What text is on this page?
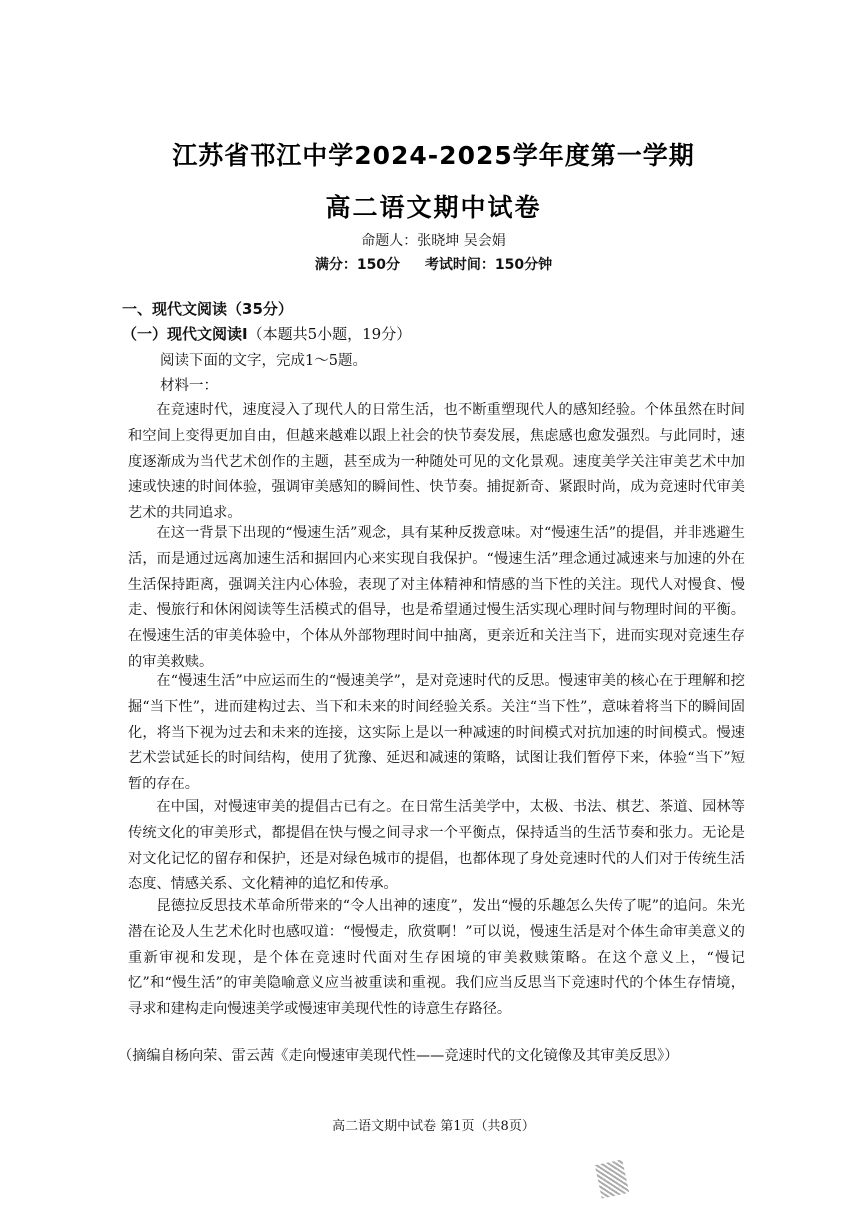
江苏省邗江中学2024-2025学年度第一学期
高二语文期中试卷
命题人：张晓坤 吴会娟
满分：150分 考试时间：150分钟
一、现代文阅读（35分）
（一）现代文阅读Ⅰ（本题共5小题，19分）
阅读下面的文字，完成1～5题。
材料一：

在竞速时代，速度浸入了现代人的日常生活，也不断重塑现代人的感知经验。个体虽然在时间和空间上变得更加自由，但越来越难以跟上社会的快节奏发展，焦虑感也愈发强烈。与此同时，速度逐渐成为当代艺术创作的主题，甚至成为一种随处可见的文化景观。速度美学关注审美艺术中加速或快速的时间体验，强调审美感知的瞬间性、快节奏。捕捉新奇、紧跟时尚，成为竞速时代审美艺术的共同追求。

在这一背景下出现的“慢速生活”观念，具有某种反拨意味。对“慢速生活”的提倡，并非逃避生活，而是通过远离加速生活和据回内心来实现自我保护。“慢速生活”理念通过减速来与加速的外在生活保持距离，强调关注内心体验，表现了对主体精神和情感的当下性的关注。现代人对慢食、慢走、慢旅行和休闲阅读等生活模式的倡导，也是希望通过慢生活实现心理时间与物理时间的平衡。在慢速生活的审美体验中，个体从外部物理时间中抽离，更亲近和关注当下，进而实现对竞速生存的审美救赎。

在“慢速生活”中应运而生的“慢速美学”，是对竞速时代的反思。慢速审美的核心在于理解和挖掘“当下性”，进而建构过去、当下和未来的时间经验关系。关注“当下性”，意味着将当下的瞬间固化，将当下视为过去和未来的连接，这实际上是以一种减速的时间模式对抗加速的时间模式。慢速艺术尝试延长的时间结构，使用了犹豫、延迟和减速的策略，试图让我们暂停下来，体验“当下”短暂的存在。

在中国，对慢速审美的提倡古已有之。在日常生活美学中，太极、书法、棋艺、茶道、园林等传统文化的审美形式，都提倡在快与慢之间寻求一个平衡点，保持适当的生活节奏和张力。无论是对文化记忆的留存和保护，还是对绿色城市的提倡，也都体现了身处竞速时代的人们对于传统生活态度、情感关系、文化精神的追忆和传承。

昆德拉反思技术革命所带来的“令人出神的速度”，发出“慢的乐趣怎么失传了呢”的追问。朱光潜在论及人生艺术化时也感叹道：“慢慢走，欣赏啊！”可以说，慢速生活是对个体生命审美意义的重新审视和发现，是个体在竞速时代面对生存困境的审美救赎策略。在这个意义上，“慢记忆”和“慢生活”的审美隐喻意义应当被重读和重视。我们应当反思当下竞速时代的个体生存情境，寻求和建构走向慢速美学或慢速审美现代性的诗意生存路径。

（摘编自杨向荣、雷云茜《走向慢速审美现代性——竞速时代的文化镜像及其审美反思》）
高二语文期中试卷 第1页（共8页）
